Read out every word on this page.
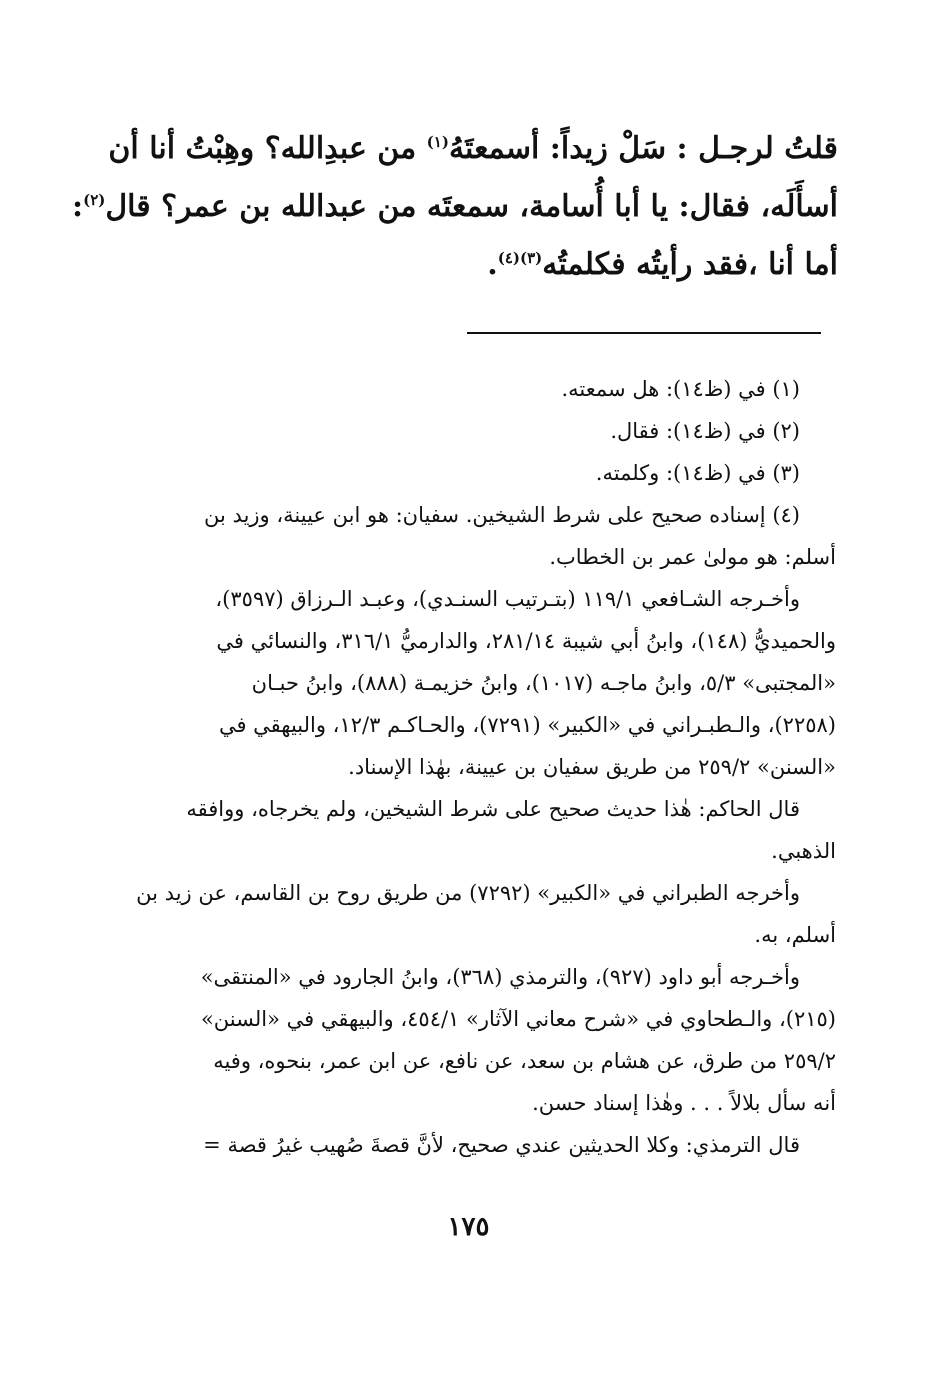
قلتُ لرجـل : سَلْ زيداً: أسمعتَهُ$^{(١)}$ من عبدِالله؟ وهِبْتُ أنا أن
أسأَلَه، فقال: يا أبا أُسامة، سمعتَه من عبدالله بن عمر؟ قال$^{(٢)}$:
أما أنا ،فقد رأيتُه فكلمتُه$^{(٣)(٤)}$.
(١) في (ظ١٤): هل سمعته.
(٢) في (ظ١٤): فقال.
(٣) في (ظ١٤): وكلمته.
(٤) إسناده صحيح على شرط الشيخين. سفيان: هو ابن عيينة، وزيد بن
أسلم: هو مولىٰ عمر بن الخطاب.
وأخـرجه الشـافعي ١١٩/١ (بتـرتيب السنـدي)، وعبـد الـرزاق (٣٥٩٧)،
والحميديُّ (١٤٨)، وابنُ أبي شيبة ٢٨١/١٤، والدارميُّ ٣١٦/١، والنسائي في
«المجتبى» ٥/٣، وابنُ ماجـه (١٠١٧)، وابنُ خزيمـة (٨٨٨)، وابنُ حبـان
(٢٢٥٨)، والـطبـراني في «الكبير» (٧٢٩١)، والحـاكـم ١٢/٣، والبيهقي في
«السنن» ٢٥٩/٢ من طريق سفيان بن عيينة، بهٰذا الإسناد.
قال الحاكم: هٰذا حديث صحيح على شرط الشيخين، ولم يخرجاه، ووافقه
الذهبي.
وأخرجه الطبراني في «الكبير» (٧٢٩٢) من طريق روح بن القاسم، عن زيد بن
أسلم، به.
وأخـرجه أبو داود (٩٢٧)، والترمذي (٣٦٨)، وابنُ الجارود في «المنتقى»
(٢١٥)، والـطحاوي في «شرح معاني الآثار» ٤٥٤/١، والبيهقي في «السنن»
٢٥٩/٢ من طرق، عن هشام بن سعد، عن نافع، عن ابن عمر، بنحوه، وفيه
أنه سأل بلالاً . . . وهٰذا إسناد حسن.
قال الترمذي: وكلا الحديثين عندي صحيح، لأنَّ قصةَ صُهيب غيرُ قصة =
١٧٥
